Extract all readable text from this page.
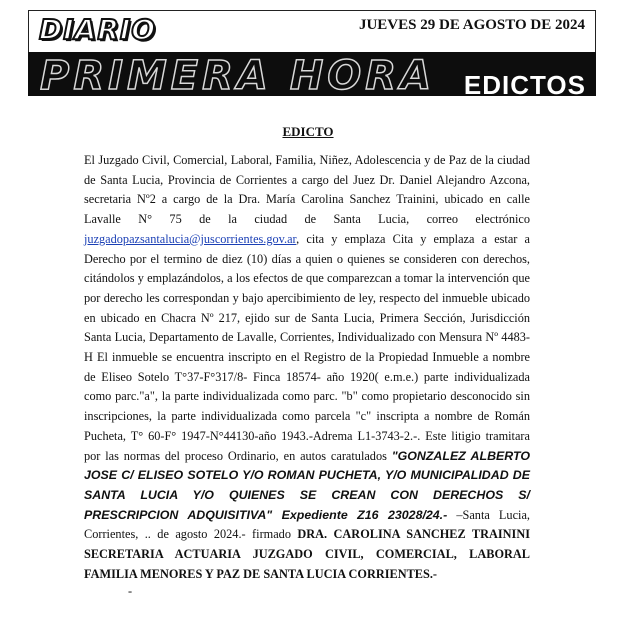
DIARIO	JUEVES 29 DE AGOSTO DE 2024
PRIMERA HORA EDICTOS
EDICTO
El Juzgado Civil, Comercial, Laboral, Familia, Niñez, Adolescencia y de Paz de la ciudad de Santa Lucia, Provincia de Corrientes a cargo del Juez Dr. Daniel Alejandro Azcona, secretaria Nº2 a cargo de la Dra. María Carolina Sanchez Trainini, ubicado en calle Lavalle N° 75 de la ciudad de Santa Lucia, correo electrónico juzgadopazsantalucia@juscorrientes.gov.ar, cita y emplaza Cita y emplaza a estar a Derecho por el termino de diez (10) días a quien o quienes se consideren con derechos, citándolos y emplazándolos, a los efectos de que comparezcan a tomar la intervención que por derecho les correspondan y bajo apercibimiento de ley, respecto del inmueble ubicado en ubicado en Chacra Nº 217, ejido sur de Santa Lucia, Primera Sección, Jurisdicción Santa Lucia, Departamento de Lavalle, Corrientes, Individualizado con Mensura Nº 4483-H El inmueble se encuentra inscripto en el Registro de la Propiedad Inmueble a nombre de Eliseo Sotelo T°37-F°317/8- Finca 18574- año 1920( e.m.e.) parte individualizada como parc."a", la parte individualizada como parc. "b" como propietario desconocido sin inscripciones, la parte individualizada como parcela "c" inscripta a nombre de Román Pucheta, T° 60-F° 1947-N°44130-año 1943.-Adrema L1-3743-2.-. Este litigio tramitara por las normas del proceso Ordinario, en autos caratulados "GONZALEZ ALBERTO JOSE C/ ELISEO SOTELO Y/O ROMAN PUCHETA, Y/O MUNICIPALIDAD DE SANTA LUCIA Y/O QUIENES SE CREAN CON DERECHOS S/ PRESCRIPCION ADQUISITIVA" Expediente Z16 23028/24.- –Santa Lucia, Corrientes, .. de agosto 2024.- firmado DRA. CAROLINA SANCHEZ TRAININI SECRETARIA ACTUARIA JUZGADO CIVIL, COMERCIAL, LABORAL FAMILIA MENORES Y PAZ DE SANTA LUCIA CORRIENTES.-
-
